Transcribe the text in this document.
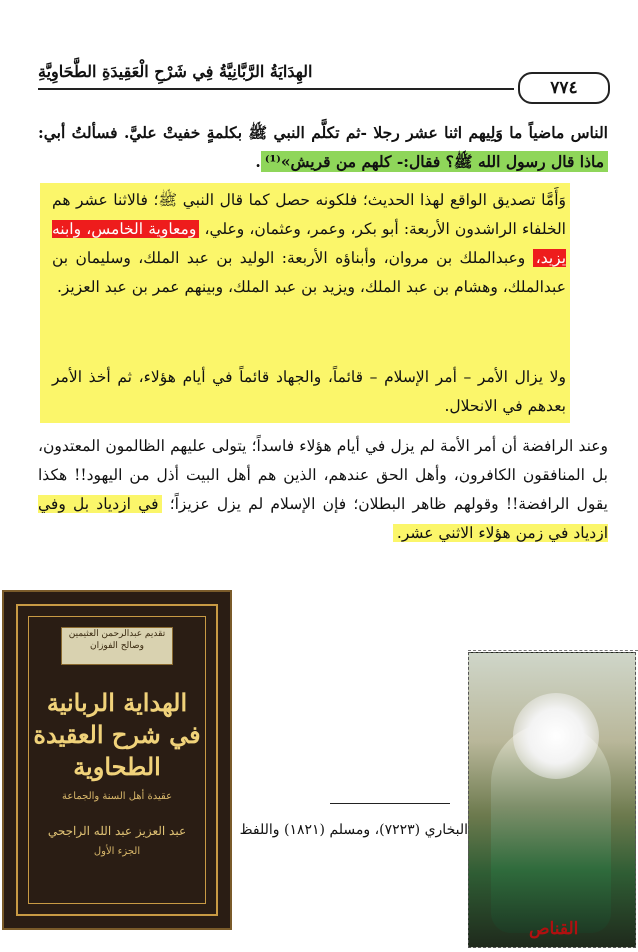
٧٧٤
الهِدَايَةُ الرَّبَّانِيَّةُ فِي شَرْحِ الْعَقِيدَةِ الطَّحَاوِيَّةِ
الناس ماضياً ما وَلِيهم اثنا عشر رجلا -ثم تكلَّم النبي ﷺ بكلمةٍ خفيتْ عليَّ. فسألتُ أبي: ماذا قال رسول الله ﷺ؟ فقال:- كلهم من قريش»⁽¹⁾.
وَأَمَّا تصديق الواقع لهذا الحديث؛ فلكونه حصل كما قال النبي ﷺ؛ فالاثنا عشر هم الخلفاء الراشدون الأربعة: أبو بكر، وعمر، وعثمان، وعلي، ومعاوية الخامس، وابنه يزيد، وعبدالملك بن مروان، وأبناؤه الأربعة: الوليد بن عبد الملك، وسليمان بن عبدالملك، وهشام بن عبد الملك، ويزيد بن عبد الملك، وبينهم عمر بن عبد العزيز.
ولا يزال الأمر – أمر الإسلام – قائماً، والجهاد قائماً في أيام هؤلاء، ثم أخذ الأمر بعدهم في الانحلال.
وعند الرافضة أن أمر الأمة لم يزل في أيام هؤلاء فاسداً؛ يتولى عليهم الظالمون المعتدون، بل المنافقون الكافرون، وأهل الحق عندهم، الذين هم أهل البيت أذل من اليهود!! هكذا يقول الرافضة!! وقولهم ظاهر البطلان؛ فإن الإسلام لم يزل عزيزاً؛ في ازدياد بل وفي ازدياد في زمن هؤلاء الاثني عشر.
تقديم عبدالرحمن العثيمين وصالح الفوزان
الهداية الربانية في شرح العقيدة الطحاوية
عقيدة أهل السنة والجماعة
عبد العزيز عبد الله الراجحي
الجزء الأول
البخاري (٧٢٢٣)، ومسلم (١٨٢١) واللفظ
القناص
